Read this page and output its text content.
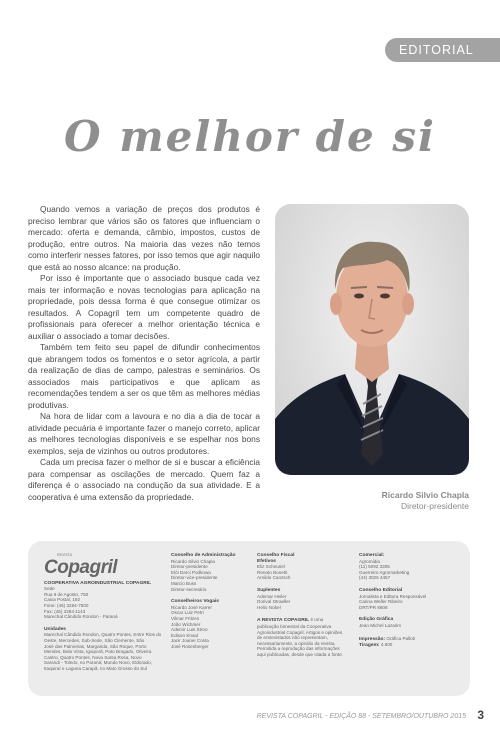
EDITORIAL
O melhor de si

Quando vemos a variação de preços dos produtos é preciso lembrar que vários são os fatores que influenciam o mercado: oferta e demanda, câmbio, impostos, custos de produção, entre outros. Na maioria das vezes não temos como interferir nesses fatores, por isso temos que agir naquilo que está ao nosso alcance: na produção.

Por isso é importante que o associado busque cada vez mais ter informação e novas tecnologias para aplicação na propriedade, pois dessa forma é que consegue otimizar os resultados. A Copagril tem um competente quadro de profissionais para oferecer a melhor orientação técnica e auxiliar o associado a tomar decisões.

Também tem feito seu papel de difundir conhecimentos que abrangem todos os fomentos e o setor agrícola, a partir da realização de dias de campo, palestras e seminários. Os associados mais participativos e que aplicam as recomendações tendem a ser os que têm as melhores médias produtivas.

Na hora de lidar com a lavoura e no dia a dia de tocar a atividade pecuária é importante fazer o manejo correto, aplicar as melhores tecnologias disponíveis e se espelhar nos bons exemplos, seja de vizinhos ou outros produtores.

Cada um precisa fazer o melhor de si e buscar a eficiência para compensar as oscilações de mercado. Quem faz a diferença é o associado na condução da sua atividade. E a cooperativa é uma extensão da propriedade.	Ricardo Silvio Chapla
Diretor-presidente
REVISTA
Copagril
COOPERATIVA AGROINDUSTRIAL COPAGRIL
Sede
Rua 9 de Agosto, 750
Caixa Postal, 192
Fone: (45) 3284-7500
Fax: (45) 3284-1143
Marechal Cândido Rondon - Paraná
Unidades
Marechal Cândido Rondon, Quatro Pontes, Entre Rios do
Oeste, Mercedes, Sub-Sede, São Clemente, São
José das Palmeiras, Margarida, São Roque, Porto
Mendes, Bela Vista, Iguiporã, Pato Bragado, Oliveira
Castro, Quatro Pontes, Nova Santa Rosa, Novo
Sarandi - Toledo, no Paraná; Mundo Novo, Eldorado,
Itaquiraí e Laguna Carapã, no Mato Grosso do Sul
Conselho de Administração
Ricardo Silvio Chapla
Diretor-presidente
Elói Darci Podkowa
Diretor-vice-presidente
Marcio Buss
Diretor-secretário
Conselheiros Vogais
Ricardo José Karrer
Oscar Luiz Petri
Vilmar Fritzen
João Wichmer
Ademir Luis Stroo
Edison Knaul
Jacir Joanei Costa
José Rosenberger
Conselho Fiscal
Efetivos
Eliz Scheuriel
Renato Bonetti
Arnildo Canzsch
Suplentes
Ademar Heiler
Dorival Otraeller
Helio Nobel
A REVISTA COPAGRIL é uma
publicação bimestral da Cooperativa
Agroindustrial Copagril. Artigos e opiniões
de entrevistados não representam,
necessariamente, a opinião da revista.
Permitida a reprodução das informações
aqui publicadas, desde que citada a fonte.
Comercial:
Agromídia
(11) 5092 3305
Guerreiro Agromarketing
(44) 3026 4457
Conselho Editorial
Jornalista e Editora Responsável
Carina Weller Ribeiro
DRT/PR 8608
Edição Gráfica
Jean Michel Lazarim
Impressão: Gráfica Palloti
Tiragem: 4.600
REVISTA COPAGRIL - EDIÇÃO 88 - SETEMBRO/OUTUBRO 2015 3
